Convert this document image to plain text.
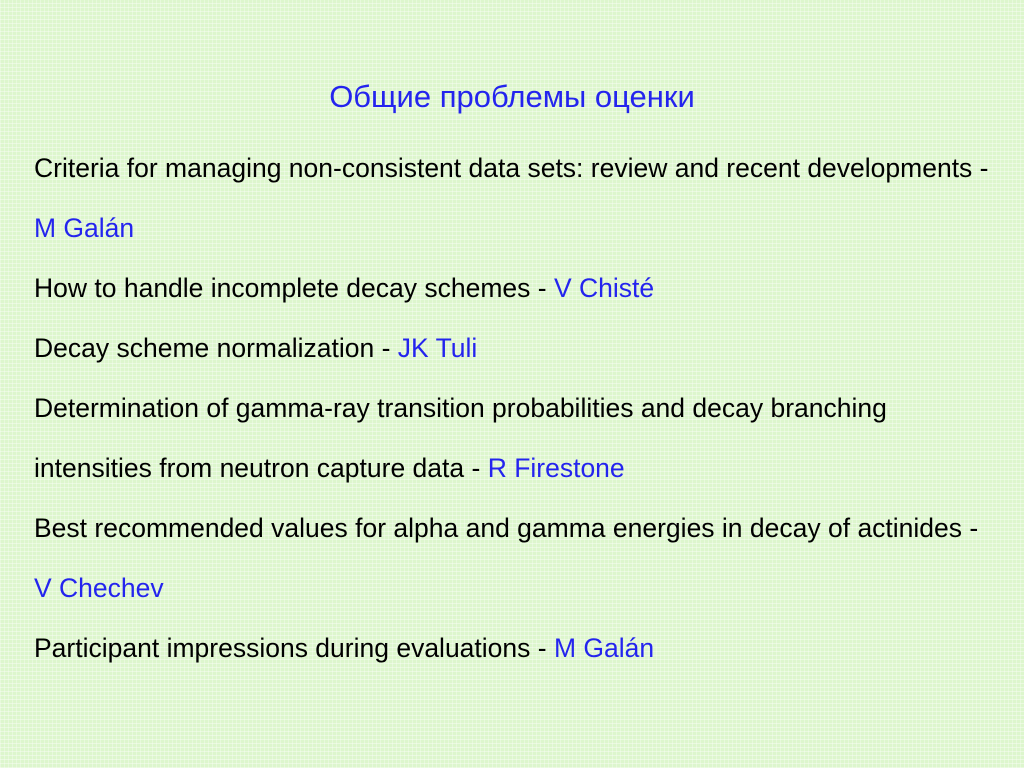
Общие проблемы оценки
Criteria for managing non-consistent data sets: review and recent developments - M Galán
How to handle incomplete decay schemes - V Chisté
Decay scheme normalization - JK Tuli
Determination of gamma-ray transition probabilities and decay branching intensities from neutron capture data - R Firestone
Best recommended values for alpha and gamma energies in decay of actinides - V Chechev
Participant impressions during evaluations - M Galán
